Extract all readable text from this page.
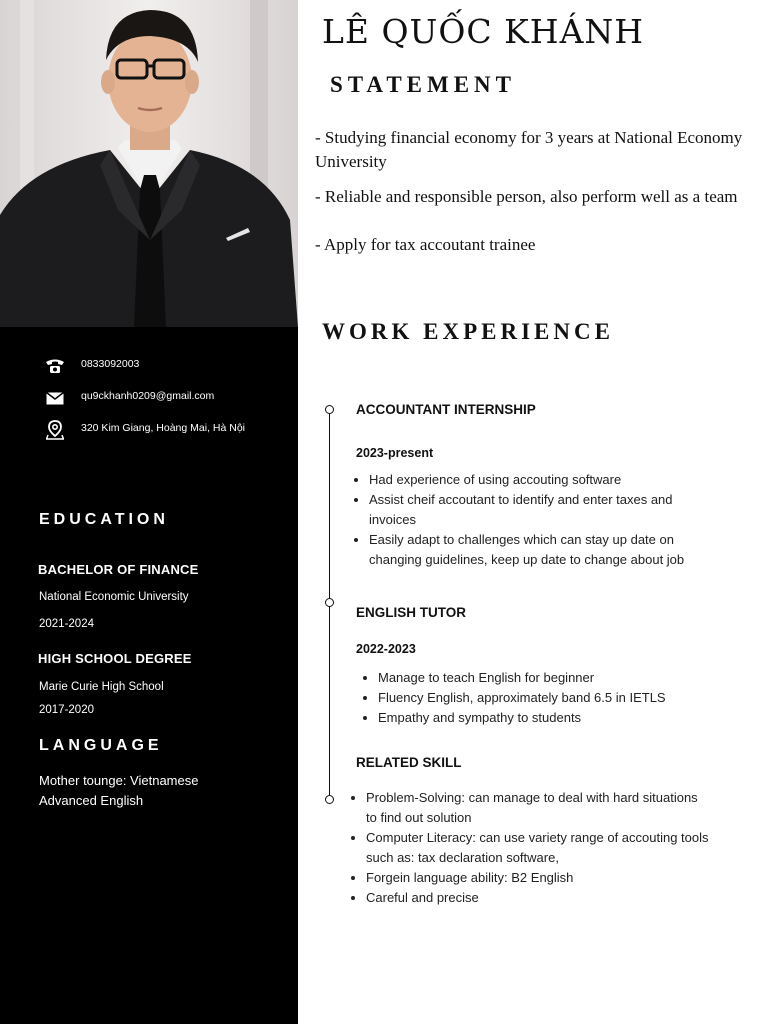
0833092003
qu9ckhanh0209@gmail.com
320 Kim Giang, Hoàng Mai, Hà Nội
EDUCATION
BACHELOR OF FINANCE
National Economic University
2021-2024
HIGH SCHOOL DEGREE
Marie Curie High School
2017-2020
LANGUAGE
Mother tounge: Vietnamese
Advanced English
LÊ QUỐC KHÁNH
STATEMENT
- Studying financial economy for 3 years at National Economy University
- Reliable and responsible person, also perform well as a team
- Apply for tax accoutant trainee
WORK EXPERIENCE
ACCOUNTANT INTERNSHIP
2023-present
• Had experience of using accouting software
• Assist cheif accoutant to identify and enter taxes and invoices
• Easily adapt to challenges which can stay up date on changing guidelines, keep up date to change about job
ENGLISH TUTOR
2022-2023
• Manage to teach English for beginner
• Fluency English, approximately band 6.5 in IETLS
• Empathy and sympathy to students
RELATED SKILL
• Problem-Solving: can manage to deal with hard situations to find out solution
• Computer Literacy: can use variety range of accouting tools such as: tax declaration software,
• Forgein language ability: B2 English
• Careful and precise
